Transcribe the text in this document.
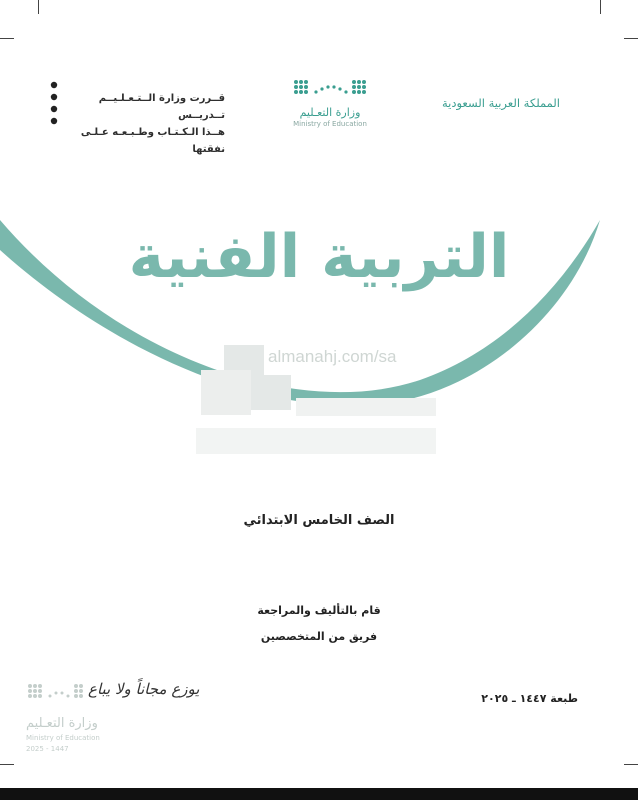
almanahj.com/sa
قــررت وزارة الــتـعـلـيــم تــدريــس
هــذا الـكـتـاب وطـبـعـه عـلـى نفقتها
وزارة التعـليم
Ministry of Education
المملكة العربية السعودية
التربية الفنية
الصف الخامس الابتدائي
قام بالتأليف والمراجعة
فريق من المتخصصين
طبعة ١٤٤٧ ـ ٢٠٢٥
يوزع مجاناً ولا يباع
وزارة التعـليم
Ministry of Education
2025 - 1447
